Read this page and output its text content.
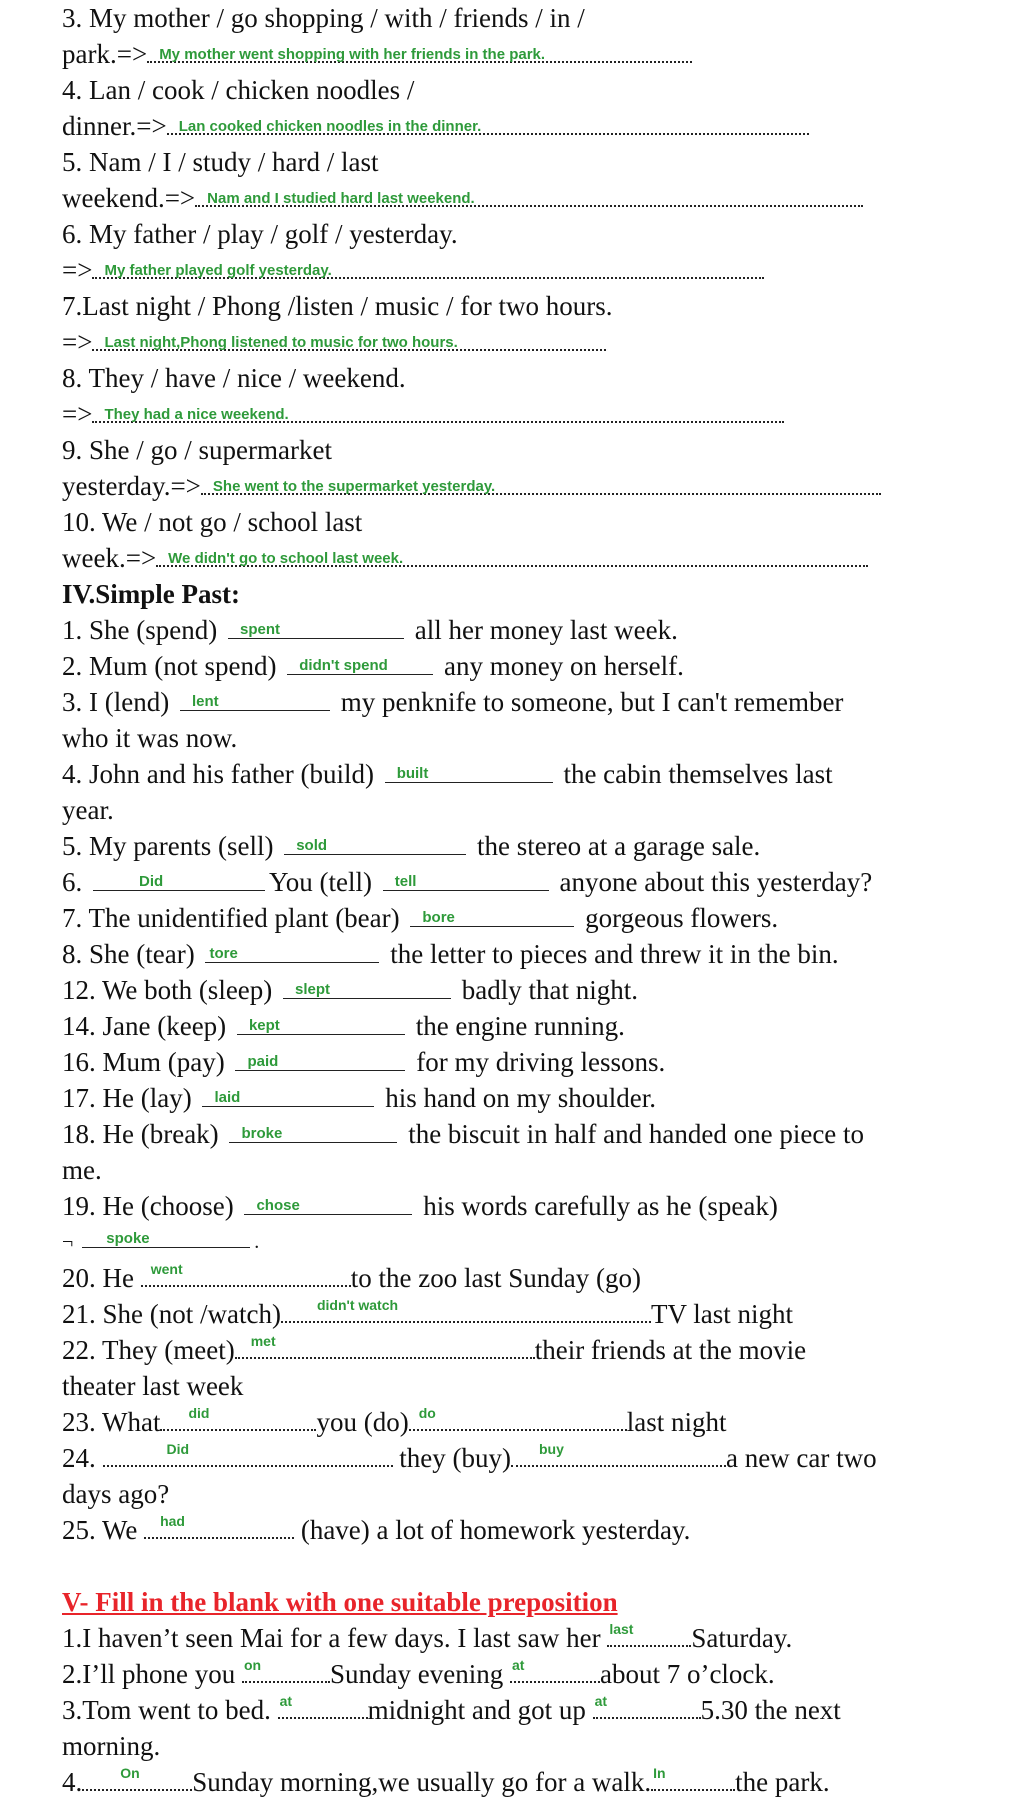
3. My mother / go shopping / with / friends / in /
park.=> My mother went shopping with her friends in the park.
4. Lan / cook / chicken noodles /
dinner.=> Lan cooked chicken noodles in the dinner.
5. Nam / I / study / hard / last
weekend.=> Nam and I studied hard last weekend.
6. My father / play / golf / yesterday.
=> My father played golf yesterday.
7.Last night / Phong /listen / music / for two hours.
=> Last night,Phong listened to music for two hours.
8. They / have / nice / weekend.
=> They had a nice weekend.
9. She / go / supermarket
yesterday.=> She went to the supermarket yesterday.
10. We / not go / school last
week.=> We didn't go to school last week.
IV.Simple Past:
1. She (spend) spent	all her money last week.
2. Mum (not spend) didn't spend any money on herself.
3. I (lend) lent	my penknife to someone, but I can't remember
who it was now.
4. John and his father (build) built	the cabin themselves last
year.
5. My parents (sell) sold	the stereo at a garage sale.
6.	Did	You (tell) tell	anyone about this yesterday?
7. The unidentified plant (bear) bore	gorgeous flowers.
8. She (tear) tore	the letter to pieces and threw it in the bin.
12. We both (sleep) slept	badly that night.
14. Jane (keep) kept	the engine running.
16. Mum (pay) paid	for my driving lessons.
17. He (lay) laid	his hand on my shoulder.
18. He (break) broke	the biscuit in half and handed one piece to
me.
19. He (choose) chose	his words carefully as he (speak)
¬ spoke	.
20. He went	to the zoo last Sunday (go)
21. She (not /watch)	didn't watch	TV last night
22. They (meet) met	their friends at the movie
theater last week
23. What did	you (do) do	last night
24.	Did	they (buy) buy	a new car two
days ago?
25. We had	(have) a lot of homework yesterday.
V- Fill in the blank with one suitable preposition
1.I haven’t seen Mai for a few days. I last saw her last Saturday.
2.I’ll phone you on	Sunday evening at	about 7 o’clock.
3.Tom went to bed. at	midnight and got up at	5.30 the next
morning.
4.	On Sunday morning,we usually go for a walk. In	the park.
